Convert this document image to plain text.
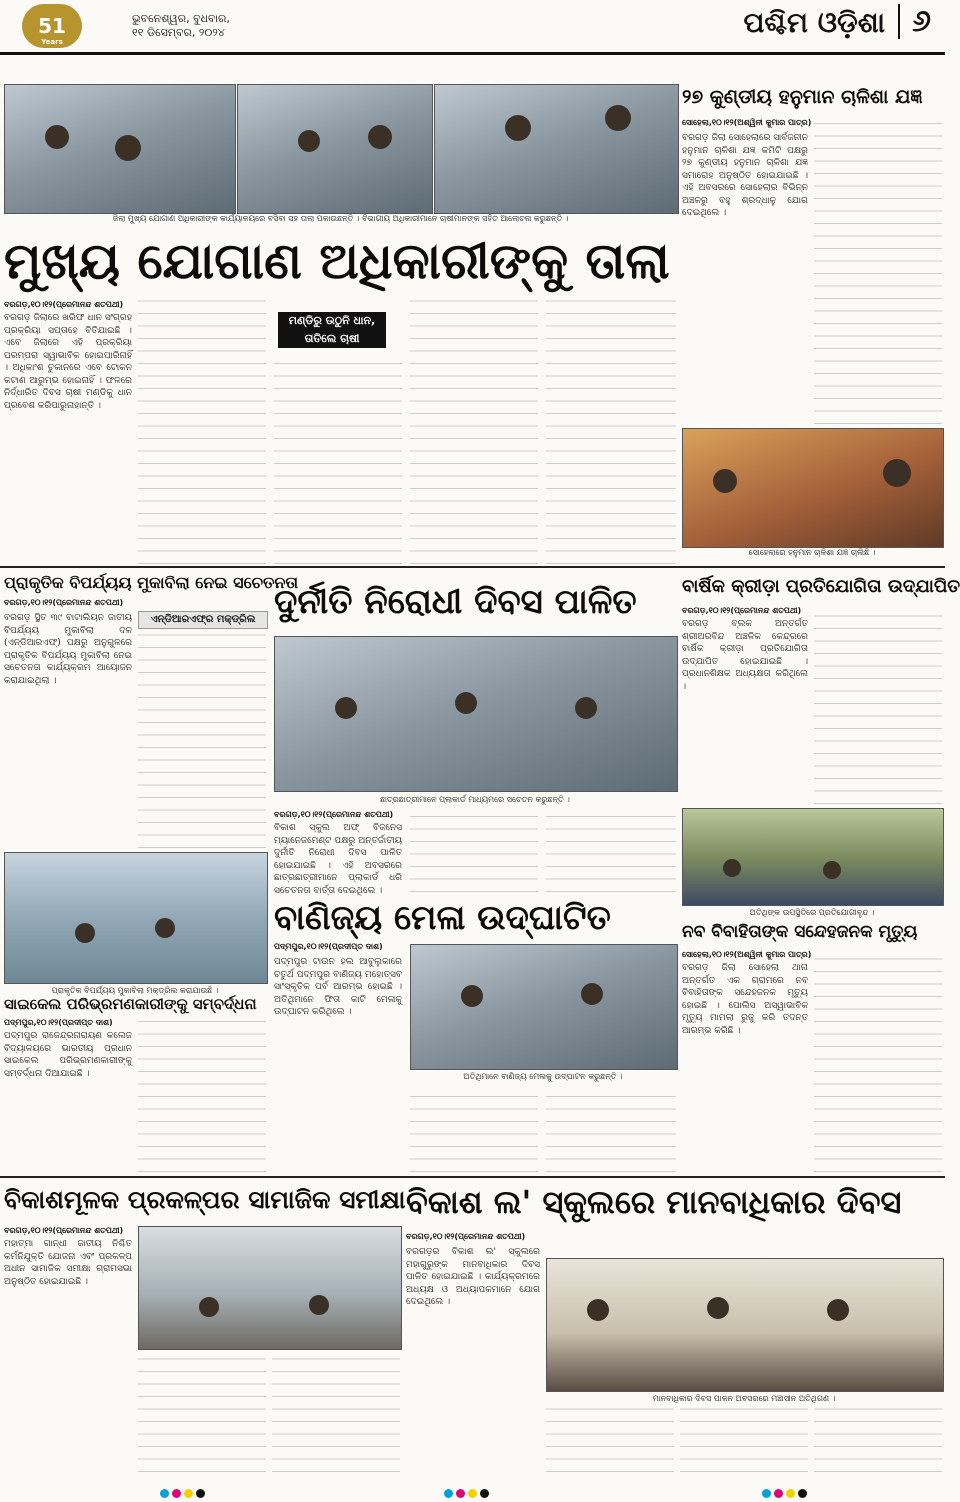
51
Years
ଭୁବନେଶ୍ୱର, ବୁଧବାର,
୧୧ ଡିସେମ୍ବର, ୨୦୨୪	ପଶ୍ଚିମ ଓଡ଼ିଶା ୬
ଜିଲା ମୁଖ୍ୟ ଯୋଗାଣ ଅଧିକାରୀଙ୍କ କାର୍ଯ୍ୟାଳୟରେ ବସିବା ସହ ତାଲା ପକାଉଛନ୍ତି । ବିଭାଗୀୟ ଅଧିକାରୀମାନେ ଚାଷୀମାନଙ୍କ ସହିତ ଆଲୋଚନା କରୁଛନ୍ତି ।
ମୁଖ୍ୟ ଯୋଗାଣ ଅଧିକାରୀଙ୍କୁ ତାଲା
ବରଗଡ଼,୧୦।୧୨(ପ୍ରେମାନନ୍ଦ ଶତପଥୀ)
ବରଗଡ଼ ଜିଲାରେ ଖରିଫ ଧାନ ସଂଗ୍ରହ ପ୍ରକ୍ରିୟା ସପ୍ତାହେ ବିତିଯାଇଛି । ଏବେ ଜିଲାରେ ଏହି ପ୍ରକ୍ରିୟା ପରମ୍ପରା ସ୍ୱାଭାବିକ ହୋଇପାରିନାହିଁ । ଅଧିକାଂଶ ଚୁକାନରେ ଏବେ ଟୋକନ କଟାଣ ଆରୁମ୍ଭ ହୋଇନାହିଁ । ଫଳରେ ନିର୍ଦ୍ଧାରିତ ଦିବସ ଚାଷୀ ମଣ୍ଡିକୁ ଧାନ ପ୍ରବେଶ କରିପାରୁନାହାନ୍ତି ।
ମଣ୍ଡିରୁ ଉଠୁନି ଧାନ, ତାତିଲେ ଚାଷୀ
୨୭ କୁଣ୍ଡୀୟ ହନୁମାନ ଚାଳିଶା ଯଜ୍ଞ
ସୋହେଲା,୧୦।୧୨(ଅଶ୍ୱିନୀ କୁମାର ପାତ୍ର)
ବରଗଡ଼ ଜିଲା ସୋହେଲାରେ ସାର୍ବଜନୀନ ହନୁମାନ ଚାଳିଶା ଯଜ୍ଞ କମିଟି ପକ୍ଷରୁ ୨୭ କୁଣ୍ଡୀୟ ହନୁମାନ ଚାଳିଶା ଯଜ୍ଞ ସମାରୋହ ଅନୁଷ୍ଠିତ ହୋଇଯାଇଛି । ଏହି ଅବସରରେ ସୋହେଲାର ବିଭିନ୍ନ ଅଞ୍ଚଳରୁ ବହୁ ଶ୍ରଦ୍ଧାଳୁ ଯୋଗ ଦେଇଥିଲେ ।
ସୋହେଲାରେ ହନୁମାନ ଚାଳିଶା ଯଜ୍ଞ ଚାଲିଛି ।
ପ୍ରାକୃତିକ ବିପର୍ଯ୍ୟୟ ମୁକାବିଲା ନେଇ ସଚେତନତା
ବରଗଡ଼,୧୦।୧୨(ପ୍ରେମାନନ୍ଦ ଶତପଥୀ)
ଏନ୍‌ଡିଆରଏଫ୍‌ର ମକ୍‌ଡ୍ରିଲ
ବରଗଡ଼ ସ୍ଥିତ ୩୯ ବାଟାଲିୟନ ଜାତୀୟ ବିପର୍ଯ୍ୟୟ ମୁକାବିଲା ଦଳ (ଏନ୍‌ଡିଆରଏଫ୍‌) ପକ୍ଷରୁ ଅନୁଗୁଳରେ ପ୍ରାକୃତିକ ବିପର୍ଯ୍ୟୟ ମୁକାବିଲା ନେଇ ସଚେତନତା କାର୍ଯ୍ୟକ୍ରମ ଆୟୋଜନ କରାଯାଇଥିଲା ।
ପ୍ରାକୃତିକ ବିପର୍ଯ୍ୟୟ ମୁକାବିଲା ମକ୍‌ଡ୍ରିଲ କରାଯାଉଛି ।
ଦୁର୍ନୀତି ନିରୋଧୀ ଦିବସ ପାଳିତ
ଛାତ୍ରଛାତ୍ରୀମାନେ ପ୍ଲାକାର୍ଡ ମାଧ୍ୟମରେ ସଚେତନ କରୁଛନ୍ତି ।
ବରଗଡ଼,୧୦।୧୨(ପ୍ରେମାନନ୍ଦ ଶତପଥୀ)
ବିକାଶ ସ୍କୁଲ ଅଫ୍ ବିଜନେସ ମ୍ୟାନେଜମେଣ୍ଟ ପକ୍ଷରୁ ଅନ୍ତର୍ଜାତୀୟ ଦୁର୍ନୀତି ନିରୋଧୀ ଦିବସ ପାଳିତ ହୋଇଯାଇଛି । ଏହି ଅବସରରେ ଛାତ୍ରଛାତ୍ରୀମାନେ ପ୍ଲାକାର୍ଡ ଧରି ସଚେତନତା ବାର୍ତ୍ତା ଦେଇଥିଲେ ।
ବାର୍ଷିକ କ୍ରୀଡ଼ା ପ୍ରତିଯୋଗିତା ଉଦ୍‌ଯାପିତ
ବରଗଡ଼,୧୦।୧୨(ପ୍ରେମାନନ୍ଦ ଶତପଥୀ)
ବରଗଡ଼ ବ୍ଲକ ଅନ୍ତର୍ଗତ ଶ୍ରୀଅରବିନ୍ଦ ଅଞ୍ଚଳିକ କେନ୍ଦ୍ରରେ ବାର୍ଷିକ କ୍ରୀଡ଼ା ପ୍ରତିଯୋଗିତା ଉଦ୍‌ଯାପିତ ହୋଇଯାଇଛି । ପ୍ରଧାନଶିକ୍ଷକ ଅଧ୍ୟକ୍ଷତା କରିଥିଲେ ।
ଅତିଥିଙ୍କ ଉପସ୍ଥିତିରେ ପ୍ରତିଯୋଗୀବୃନ୍ଦ ।
ବାଣିଜ୍ୟ ମେଳା ଉଦ୍‌ଘାଟିତ
ପଦ୍ମପୁର,୧୦।୧୨(ପ୍ରଦୀପ୍ତ ଦାଶ)
ପଦ୍ମପୁର ଟାଉନ ହଲ ଆବୁଲୁକାରେ ଚତୁର୍ଥ ପଦ୍ମପୁର ବାଣିଜ୍ୟ ମହୋତ୍ସବ ସାଂସ୍କୃତିକ ପର୍ବ ଆରମ୍ଭ ହୋଇଛି । ଅତିଥିମାନେ ଫିତା କାଟି ମେଳାକୁ ଉଦ୍‌ଘାଟନ କରିଥିଲେ ।
ଅତିଥିମାନେ ବାଣିଜ୍ୟ ମେଳାକୁ ଉଦ୍‌ଘାଟନ କରୁଛନ୍ତି ।
ସାଇକେଲ ପରିଭ୍ରମଣକାରୀଙ୍କୁ ସମ୍ବର୍ଦ୍ଧନା
ପଦ୍ମପୁର,୧୦।୧୨(ପ୍ରଦୀପ୍ତ ଦାଶ)
ପଦ୍ମପୁର ରାଜେନ୍ଦ୍ରନାରାୟଣ କଲେଜ ବିଦ୍ୟାଳୟରେ ଭାରତୀୟ ପ୍ରଧାନ ସାଇକେଲ ପରିଭ୍ରମଣକାରୀଙ୍କୁ ସମ୍ବର୍ଦ୍ଧନା ଦିଆଯାଇଛି ।
ନବ ବିବାହିତାଙ୍କ ସନ୍ଦେହଜନକ ମୃତ୍ୟୁ
ସୋହେଲା,୧୦।୧୨(ଅଶ୍ୱିନୀ କୁମାର ପାତ୍ର)
ବରଗଡ଼ ଜିଲା ସୋହେଲା ଥାନା ଅନ୍ତର୍ଗତ ଏକ ଗ୍ରାମରେ ନବ ବିବାହିତାଙ୍କ ସନ୍ଦେହଜନକ ମୃତ୍ୟୁ ହୋଇଛି । ପୋଲିସ ଅସ୍ୱାଭାବିକ ମୃତ୍ୟୁ ମାମଲା ରୁଜୁ କରି ତଦନ୍ତ ଆରମ୍ଭ କରିଛି ।
ବିକାଶମୂଳକ ପ୍ରକଳ୍ପର ସାମାଜିକ ସମୀକ୍ଷା
ବରଗଡ଼,୧୦।୧୨(ପ୍ରେମାନନ୍ଦ ଶତପଥୀ)
ମହାତ୍ମା ଗାନ୍ଧୀ ଜାତୀୟ ନିଶ୍ଚିତ କର୍ମନିଯୁକ୍ତି ଯୋଜନା ଏବଂ ପ୍ରକଳ୍ପ ଅଧୀନ ସାମାଜିକ ସମୀକ୍ଷା ଗ୍ରାମସଭା ଅନୁଷ୍ଠିତ ହୋଇଯାଇଛି ।
ବିକାଶ ଲ' ସ୍କୁଲରେ ମାନବାଧିକାର ଦିବସ
ବରଗଡ଼,୧୦।୧୨(ପ୍ରେମାନନ୍ଦ ଶତପଥୀ)
ବରଗଡ଼ର ବିକାଶ ଲ' ସ୍କୁଲରେ ମହାଗୁରୁଙ୍କ ମାନବାଧିକାର ଦିବସ ପାଳିତ ହୋଇଯାଇଛି । କାର୍ଯ୍ୟକ୍ରମରେ ଅଧ୍ୟକ୍ଷ ଓ ଅଧ୍ୟାପକମାନେ ଯୋଗ ଦେଇଥିଲେ ।
ମାନବାଧିକାର ଦିବସ ପାଳନ ଅବସରରେ ମଞ୍ଚାସୀନ ଅତିଥିଗଣ ।
